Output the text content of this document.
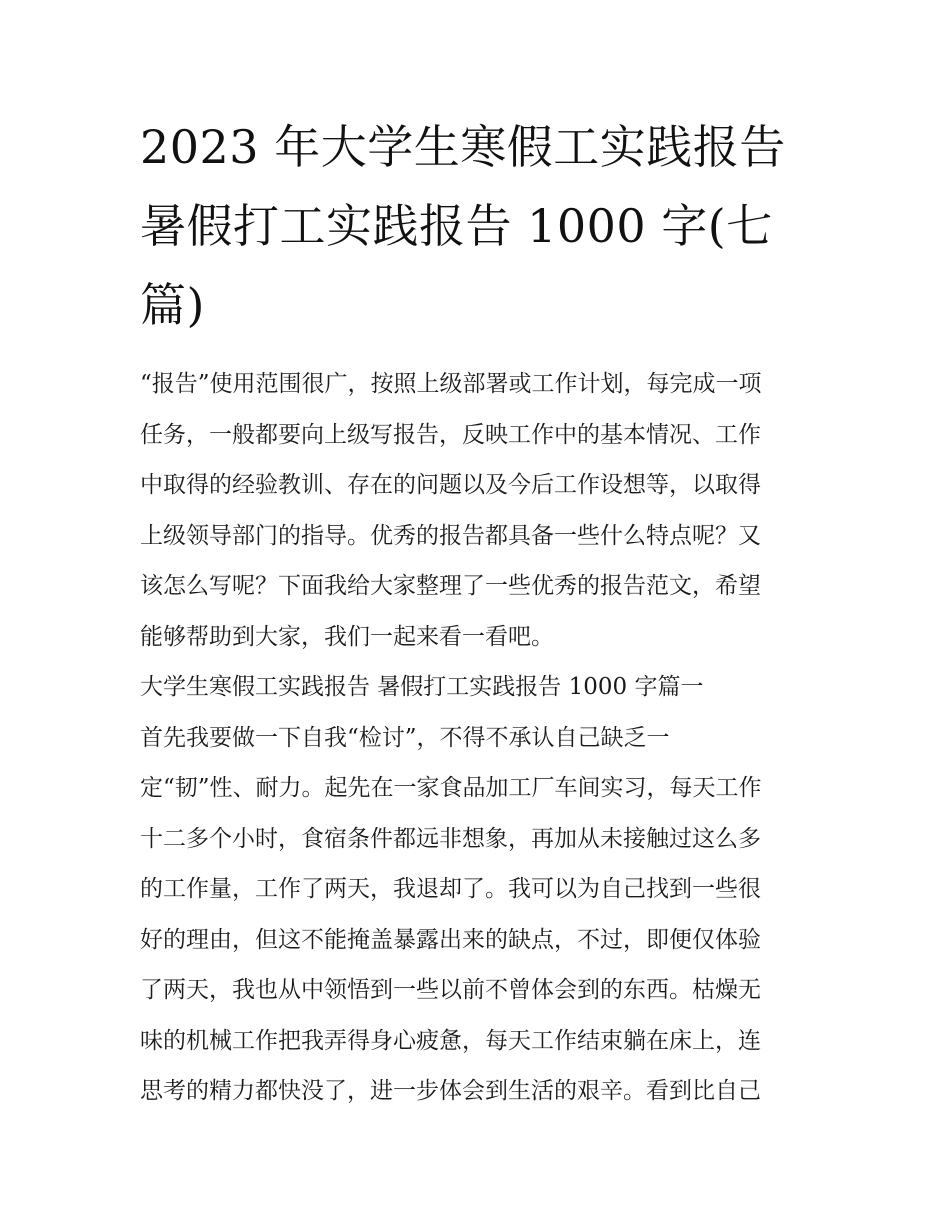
2023 年大学生寒假工实践报告
暑假打工实践报告 1000 字(七
篇)
“报告”使用范围很广，按照上级部署或工作计划，每完成一项
任务，一般都要向上级写报告，反映工作中的基本情况、工作
中取得的经验教训、存在的问题以及今后工作设想等，以取得
上级领导部门的指导。优秀的报告都具备一些什么特点呢？又
该怎么写呢？下面我给大家整理了一些优秀的报告范文，希望
能够帮助到大家，我们一起来看一看吧。
大学生寒假工实践报告 暑假打工实践报告 1000 字篇一
首先我要做一下自我“检讨”，不得不承认自己缺乏一
定“韧”性、耐力。起先在一家食品加工厂车间实习，每天工作
十二多个小时，食宿条件都远非想象，再加从未接触过这么多
的工作量，工作了两天，我退却了。我可以为自己找到一些很
好的理由，但这不能掩盖暴露出来的缺点，不过，即便仅体验
了两天，我也从中领悟到一些以前不曾体会到的东西。枯燥无
味的机械工作把我弄得身心疲惫，每天工作结束躺在床上，连
思考的精力都快没了，进一步体会到生活的艰辛。看到比自己
